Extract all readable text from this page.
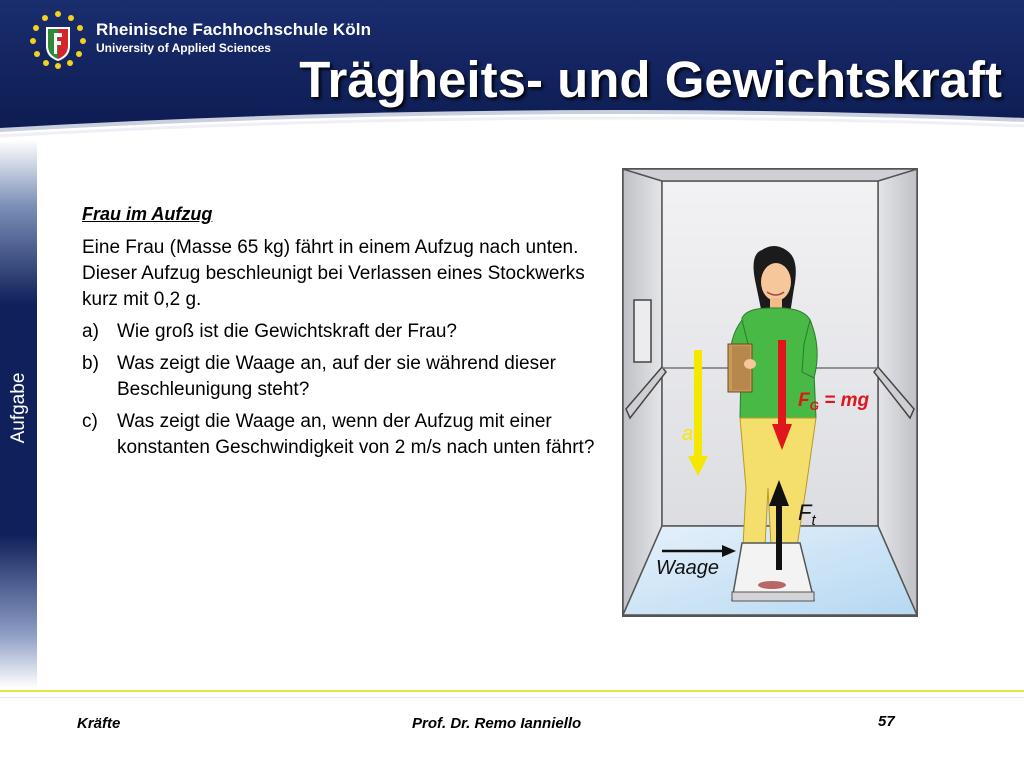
Rheinische Fachhochschule Köln
University of Applied Sciences
Trägheits- und Gewichtskraft
Aufgabe
Frau im Aufzug
Eine Frau (Masse 65 kg) fährt in einem Aufzug nach unten. Dieser Aufzug beschleunigt bei Verlassen eines Stockwerks kurz mit 0,2 g.
a) Wie groß ist die Gewichtskraft der Frau?
b) Was zeigt die Waage an, auf der sie während dieser Beschleunigung steht?
c) Was zeigt die Waage an, wenn der Aufzug mit einer konstanten Geschwindigkeit von 2 m/s nach unten fährt?
a
$F_G$ = mg
$F_t$
Waage
Kräfte	Prof. Dr. Remo Ianniello	57
